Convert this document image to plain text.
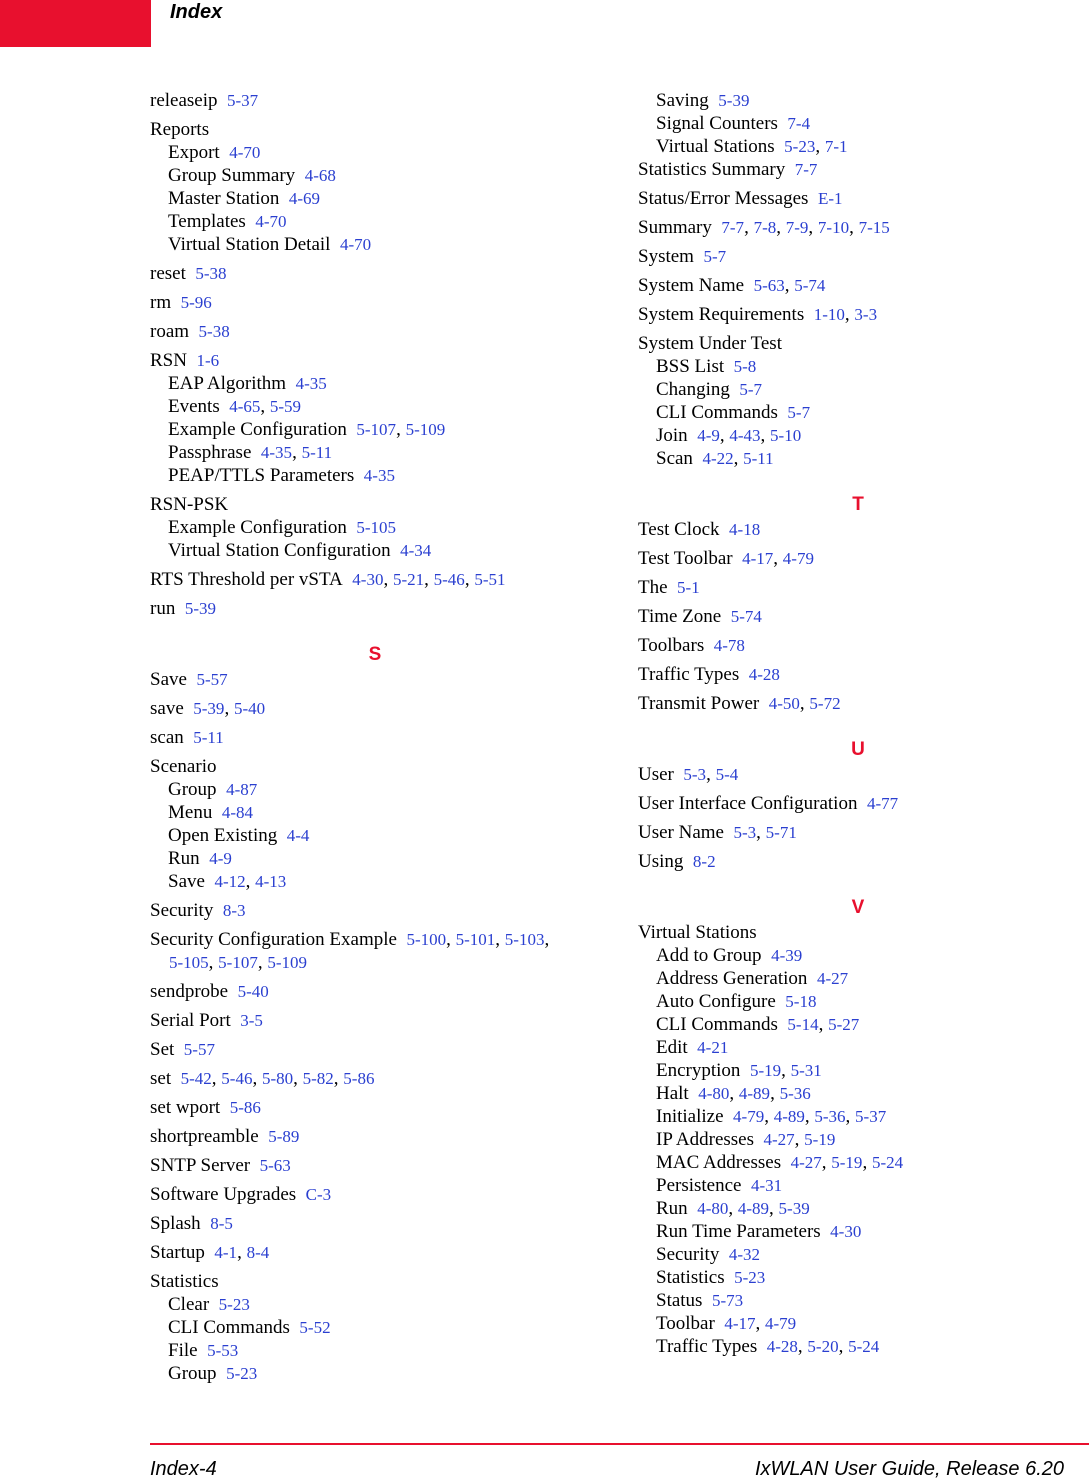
Index
releaseip 5-37
Reports
Export 4-70
Group Summary 4-68
Master Station 4-69
Templates 4-70
Virtual Station Detail 4-70
reset 5-38
rm 5-96
roam 5-38
RSN 1-6
EAP Algorithm 4-35
Events 4-65, 5-59
Example Configuration 5-107, 5-109
Passphrase 4-35, 5-11
PEAP/TTLS Parameters 4-35
RSN-PSK
Example Configuration 5-105
Virtual Station Configuration 4-34
RTS Threshold per vSTA 4-30, 5-21, 5-46, 5-51
run 5-39
S
Save 5-57
save 5-39, 5-40
scan 5-11
Scenario
Group 4-87
Menu 4-84
Open Existing 4-4
Run 4-9
Save 4-12, 4-13
Security 8-3
Security Configuration Example 5-100, 5-101, 5-103,
5-105, 5-107, 5-109
sendprobe 5-40
Serial Port 3-5
Set 5-57
set 5-42, 5-46, 5-80, 5-82, 5-86
set wport 5-86
shortpreamble 5-89
SNTP Server 5-63
Software Upgrades C-3
Splash 8-5
Startup 4-1, 8-4
Statistics
Clear 5-23
CLI Commands 5-52
File 5-53
Group 5-23
Saving 5-39
Signal Counters 7-4
Virtual Stations 5-23, 7-1
Statistics Summary 7-7
Status/Error Messages E-1
Summary 7-7, 7-8, 7-9, 7-10, 7-15
System 5-7
System Name 5-63, 5-74
System Requirements 1-10, 3-3
System Under Test
BSS List 5-8
Changing 5-7
CLI Commands 5-7
Join 4-9, 4-43, 5-10
Scan 4-22, 5-11
T
Test Clock 4-18
Test Toolbar 4-17, 4-79
The 5-1
Time Zone 5-74
Toolbars 4-78
Traffic Types 4-28
Transmit Power 4-50, 5-72
U
User 5-3, 5-4
User Interface Configuration 4-77
User Name 5-3, 5-71
Using 8-2
V
Virtual Stations
Add to Group 4-39
Address Generation 4-27
Auto Configure 5-18
CLI Commands 5-14, 5-27
Edit 4-21
Encryption 5-19, 5-31
Halt 4-80, 4-89, 5-36
Initialize 4-79, 4-89, 5-36, 5-37
IP Addresses 4-27, 5-19
MAC Addresses 4-27, 5-19, 5-24
Persistence 4-31
Run 4-80, 4-89, 5-39
Run Time Parameters 4-30
Security 4-32
Statistics 5-23
Status 5-73
Toolbar 4-17, 4-79
Traffic Types 4-28, 5-20, 5-24
Index-4	IxWLAN User Guide, Release 6.20
